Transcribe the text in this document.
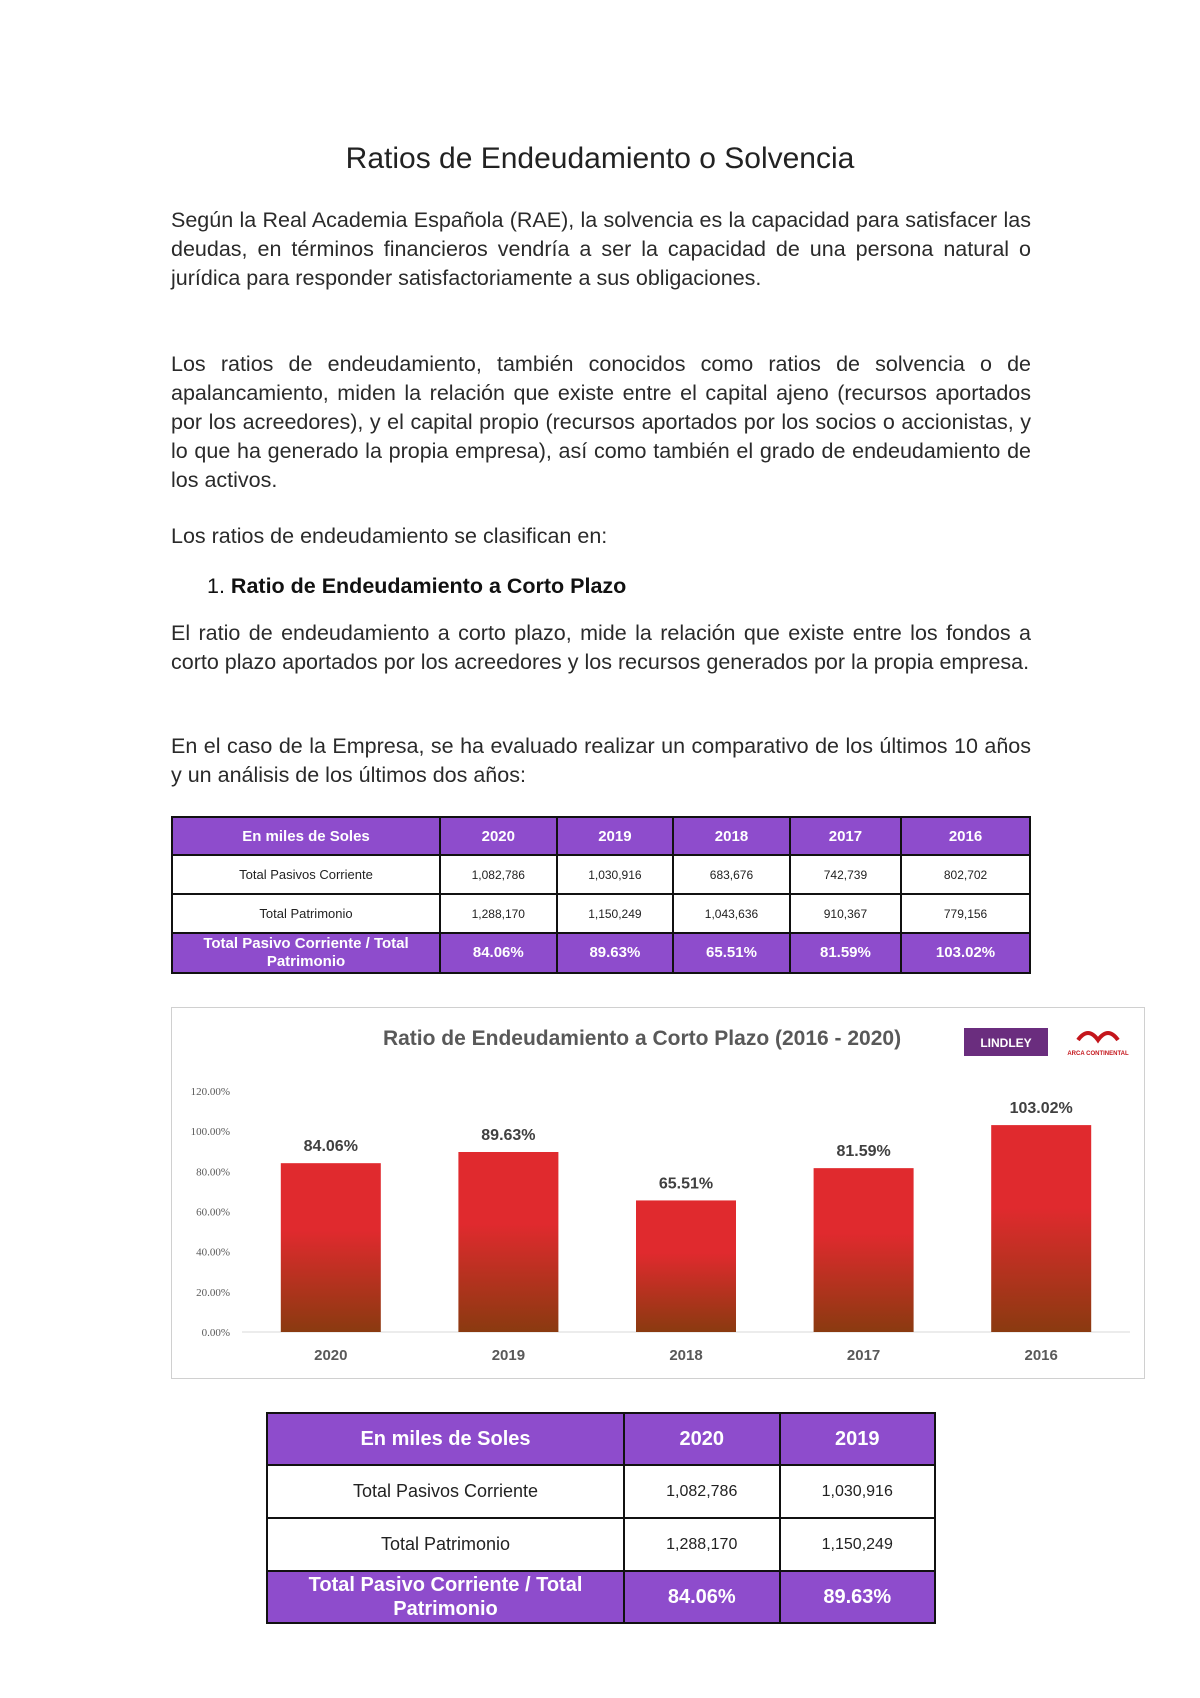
Ratios de Endeudamiento o Solvencia

Según la Real Academia Española (RAE), la solvencia es la capacidad para satisfacer las deudas, en términos financieros vendría a ser la capacidad de una persona natural o jurídica para responder satisfactoriamente a sus obligaciones.

Los ratios de endeudamiento, también conocidos como ratios de solvencia o de apalancamiento, miden la relación que existe entre el capital ajeno (recursos aportados por los acreedores), y el capital propio (recursos aportados por los socios o accionistas, y lo que ha generado la propia empresa), así como también el grado de endeudamiento de los activos.

Los ratios de endeudamiento se clasifican en:

1. Ratio de Endeudamiento a Corto Plazo

El ratio de endeudamiento a corto plazo, mide la relación que existe entre los fondos a corto plazo aportados por los acreedores y los recursos generados por la propia empresa.

En el caso de la Empresa, se ha evaluado realizar un comparativo de los últimos 10 años y un análisis de los últimos dos años:

En miles de Soles	2020	2019	2018	2017	2016
Total Pasivos Corriente	1,082,786	1,030,916	683,676	742,739	802,702
Total Patrimonio	1,288,170	1,150,249	1,043,636	910,367	779,156
Total Pasivo Corriente / Total Patrimonio	84.06%	89.63%	65.51%	81.59%	103.02%
Ratio de Endeudamiento a Corto Plazo (2016 - 2020)	LINDLEY
ARCA CONTINENTAL
0.00%
20.00%
40.00%
60.00%
80.00%
100.00%
120.00%
84.06%
2020
89.63%
2019
65.51%
2018
81.59%
2017
103.02%
2016
En miles de Soles	2020	2019
Total Pasivos Corriente	1,082,786	1,030,916
Total Patrimonio	1,288,170	1,150,249
Total Pasivo Corriente / Total Patrimonio	84.06%	89.63%
